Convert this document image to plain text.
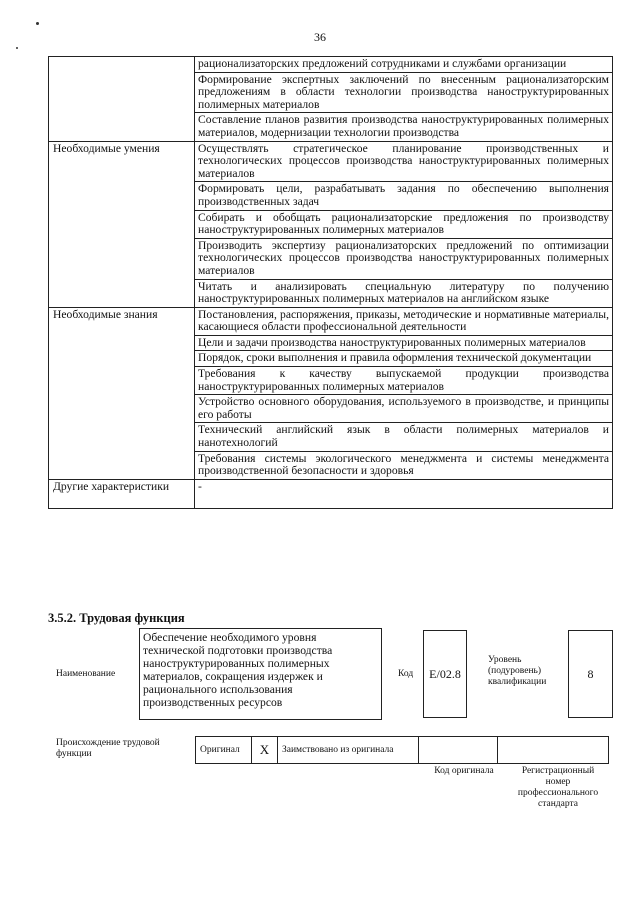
36
	рационализаторских предложений сотрудниками и службами организации
	Формирование экспертных заключений по внесенным рационализаторским предложениям в области технологии производства наноструктурированных полимерных материалов
	Составление планов развития производства наноструктурированных полимерных материалов, модернизации технологии производства
Необходимые умения	Осуществлять стратегическое планирование производственных и технологических процессов производства наноструктурированных полимерных материалов
	Формировать цели, разрабатывать задания по обеспечению выполнения производственных задач
	Собирать и обобщать рационализаторские предложения по производству наноструктурированных полимерных материалов
	Производить экспертизу рационализаторских предложений по оптимизации технологических процессов производства наноструктурированных полимерных материалов
	Читать и анализировать специальную литературу по получению наноструктурированных полимерных материалов на английском языке
Необходимые знания	Постановления, распоряжения, приказы, методические и нормативные материалы, касающиеся области профессиональной деятельности
	Цели и задачи производства наноструктурированных полимерных материалов
	Порядок, сроки выполнения и правила оформления технической документации
	Требования к качеству выпускаемой продукции производства наноструктурированных полимерных материалов
	Устройство основного оборудования, используемого в производстве, и принципы его работы
	Технический английский язык в области полимерных материалов и нанотехнологий
	Требования системы экологического менеджмента и системы менеджмента производственной безопасности и здоровья
Другие характеристики	-
3.5.2. Трудовая функция
Наименование
Обеспечение необходимого уровня технической подготовки производства наноструктурированных полимерных материалов, сокращения издержек и рационального использования производственных ресурсов
Код	E/02.8
Уровень (подуровень) квалификации
8
Происхождение трудовой функции	Оригинал X Заимствовано из оригинала
Код оригинала	Регистрационный номер профессионального стандарта
